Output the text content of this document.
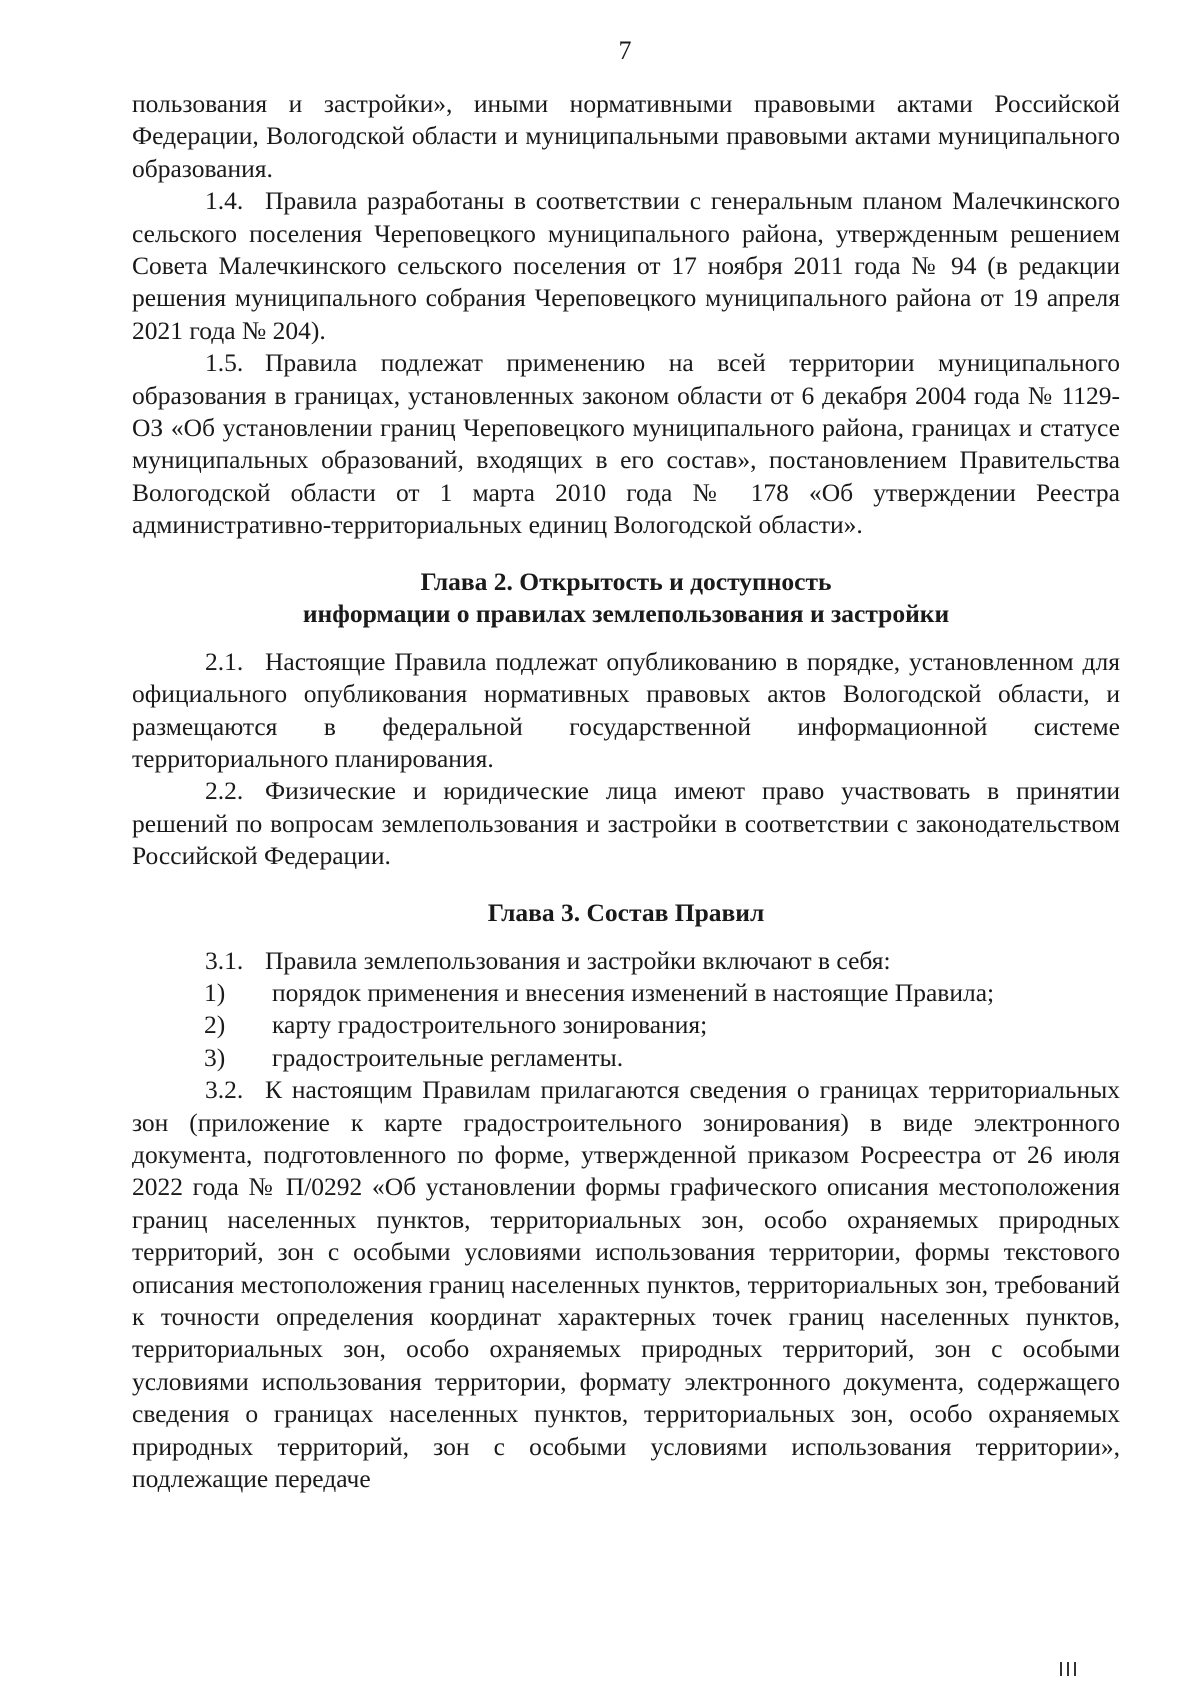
7

пользования и застройки», иными нормативными правовыми актами Российской Федерации, Вологодской области и муниципальными правовыми актами муниципального образования.

1.4. Правила разработаны в соответствии с генеральным планом Малечкинского сельского поселения Череповецкого муниципального района, утвержденным решением Совета Малечкинского сельского поселения от 17 ноября 2011 года № 94 (в редакции решения муниципального собрания Череповецкого муниципального района от 19 апреля 2021 года № 204).

1.5. Правила подлежат применению на всей территории муниципального образования в границах, установленных законом области от 6 декабря 2004 года № 1129-ОЗ «Об установлении границ Череповецкого муниципального района, границах и статусе муниципальных образований, входящих в его состав», постановлением Правительства Вологодской области от 1 марта 2010 года № 178 «Об утверждении Реестра административно-территориальных единиц Вологодской области».

Глава 2. Открытость и доступность
информации о правилах землепользования и застройки

2.1. Настоящие Правила подлежат опубликованию в порядке, установленном для официального опубликования нормативных правовых актов Вологодской области, и размещаются в федеральной государственной информационной системе территориального планирования.

2.2. Физические и юридические лица имеют право участвовать в принятии решений по вопросам землепользования и застройки в соответствии с законодательством Российской Федерации.

Глава 3. Состав Правил

3.1. Правила землепользования и застройки включают в себя:

1) порядок применения и внесения изменений в настоящие Правила;

2) карту градостроительного зонирования;

3) градостроительные регламенты.

3.2. К настоящим Правилам прилагаются сведения о границах территориальных зон (приложение к карте градостроительного зонирования) в виде электронного документа, подготовленного по форме, утвержденной приказом Росреестра от 26 июля 2022 года № П/0292 «Об установлении формы графического описания местоположения границ населенных пунктов, территориальных зон, особо охраняемых природных территорий, зон с особыми условиями использования территории, формы текстового описания местоположения границ населенных пунктов, территориальных зон, требований к точности определения координат характерных точек границ населенных пунктов, территориальных зон, особо охраняемых природных территорий, зон с особыми условиями использования территории, формату электронного документа, содержащего сведения о границах населенных пунктов, территориальных зон, особо охраняемых природных территорий, зон с особыми условиями использования территории», подлежащие передаче
